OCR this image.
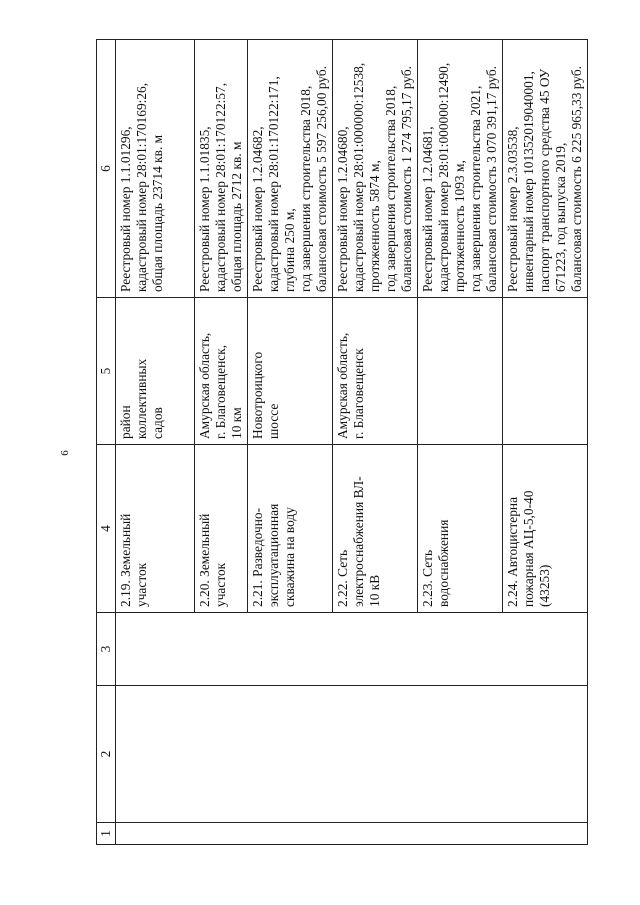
6
1	2	3	4	5	6

			2.19. Земельный
участок	район
коллективных
садов	Реестровый номер 1.1.01296,
кадастровый номер 28:01:170169:26,
общая площадь 23714 кв. м

			2.20. Земельный
участок	Амурская область,
г. Благовещенск,
10 км	Реестровый номер 1.1.01835,
кадастровый номер 28:01:170122:57,
общая площадь 2712 кв. м

			2.21. Разведочно-
эксплуатационная
скважина на воду	Новотроицкого
шоссе	Реестровый номер 1.2.04682,
кадастровый номер 28:01:170122:171,
глубина 250 м,
год завершения строительства 2018,
балансовая стоимость 5 597 256,00 руб.

			2.22. Сеть
электроснабжения ВЛ-
10 кВ	Амурская область,
г. Благовещенск	Реестровый номер 1.2.04680,
кадастровый номер 28:01:000000:12538,
протяженность 5874 м,
год завершения строительства 2018,
балансовая стоимость 1 274 795,17 руб.

			2.23. Сеть
водоснабжения		Реестровый номер 1.2.04681,
кадастровый номер 28:01:000000:12490,
протяженность 1093 м,
год завершения строительства 2021,
балансовая стоимость 3 070 391,17 руб.

			2.24. Автоцистерна
пожарная АЦ-5,0-40
(43253)		Реестровый номер 2.3.03538,
инвентарный номер 101352019040001,
паспорт транспортного средства 45 ОУ
671223, год выпуска 2019,
балансовая стоимость 6 225 965,33 руб.
